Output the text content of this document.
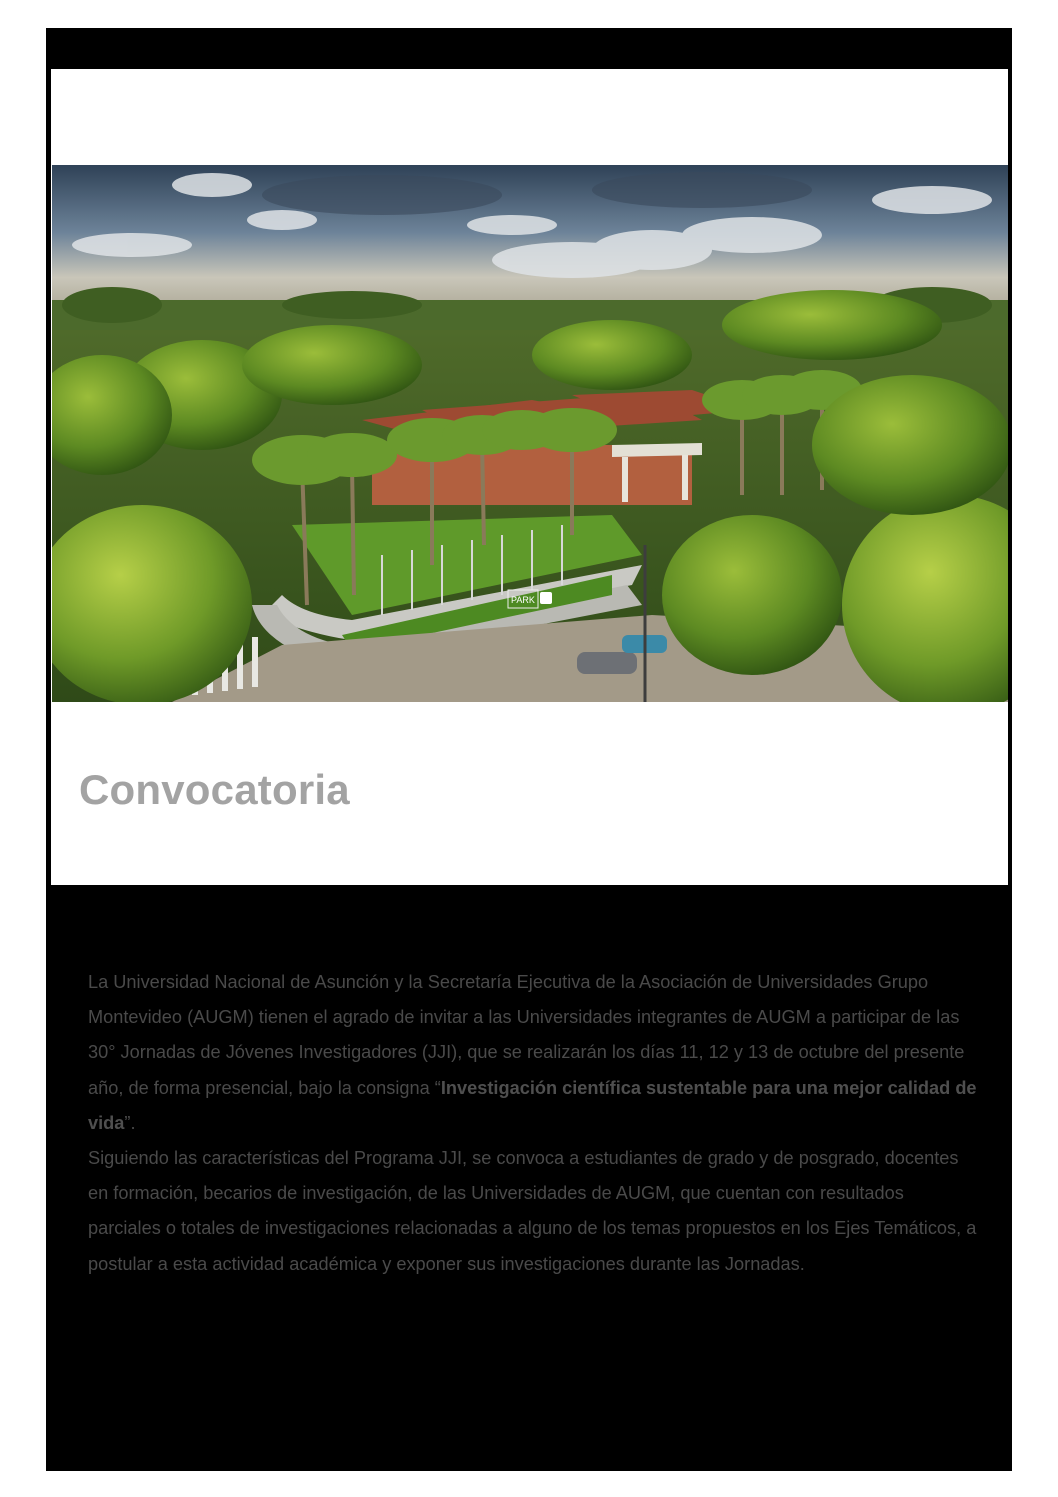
PARK
Convocatoria

La Universidad Nacional de Asunción y la Secretaría Ejecutiva de la Asociación de Universidades Grupo Montevideo (AUGM) tienen el agrado de invitar a las Universidades integrantes de AUGM a participar de las 30° Jornadas de Jóvenes Investigadores (JJI), que se realizarán los días 11, 12 y 13 de octubre del presente año, de forma presencial, bajo la consigna “Investigación científica sustentable para una mejor calidad de vida”.

Siguiendo las características del Programa JJI, se convoca a estudiantes de grado y de posgrado, docentes en formación, becarios de investigación, de las Universidades de AUGM, que cuentan con resultados parciales o totales de investigaciones relacionadas a alguno de los temas propuestos en los Ejes Temáticos, a postular a esta actividad académica y exponer sus investigaciones durante las Jornadas.
